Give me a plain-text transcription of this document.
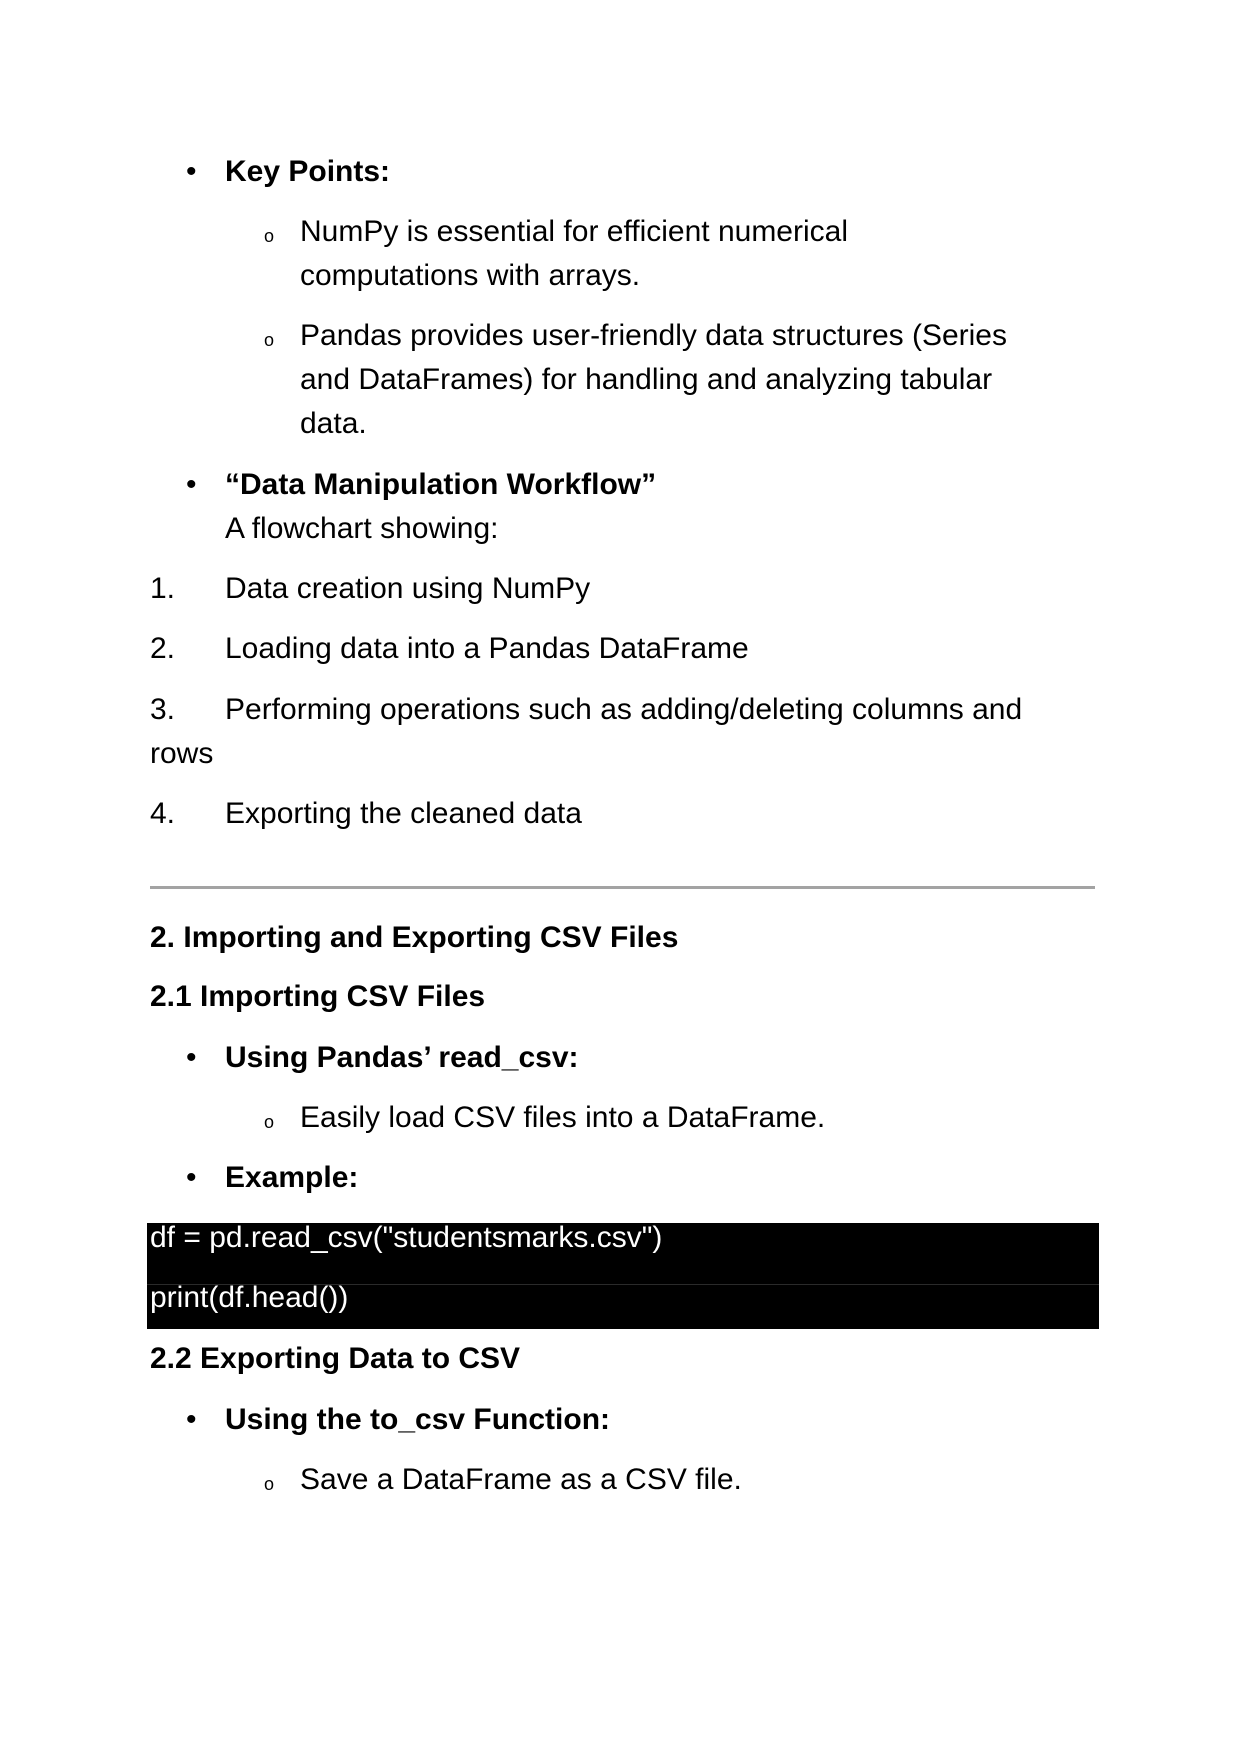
• Key Points:
o NumPy is essential for efficient numerical
computations with arrays.
o Pandas provides user-friendly data structures (Series
and DataFrames) for handling and analyzing tabular
data.
• “Data Manipulation Workflow”
A flowchart showing:
1. Data creation using NumPy
2. Loading data into a Pandas DataFrame
3. Performing operations such as adding/deleting columns and
rows
4. Exporting the cleaned data
2. Importing and Exporting CSV Files
2.1 Importing CSV Files
• Using Pandas’ read_csv:
o Easily load CSV files into a DataFrame.
• Example:
df = pd.read_csv("studentsmarks.csv")
print(df.head())
2.2 Exporting Data to CSV
• Using the to_csv Function:
o Save a DataFrame as a CSV file.
